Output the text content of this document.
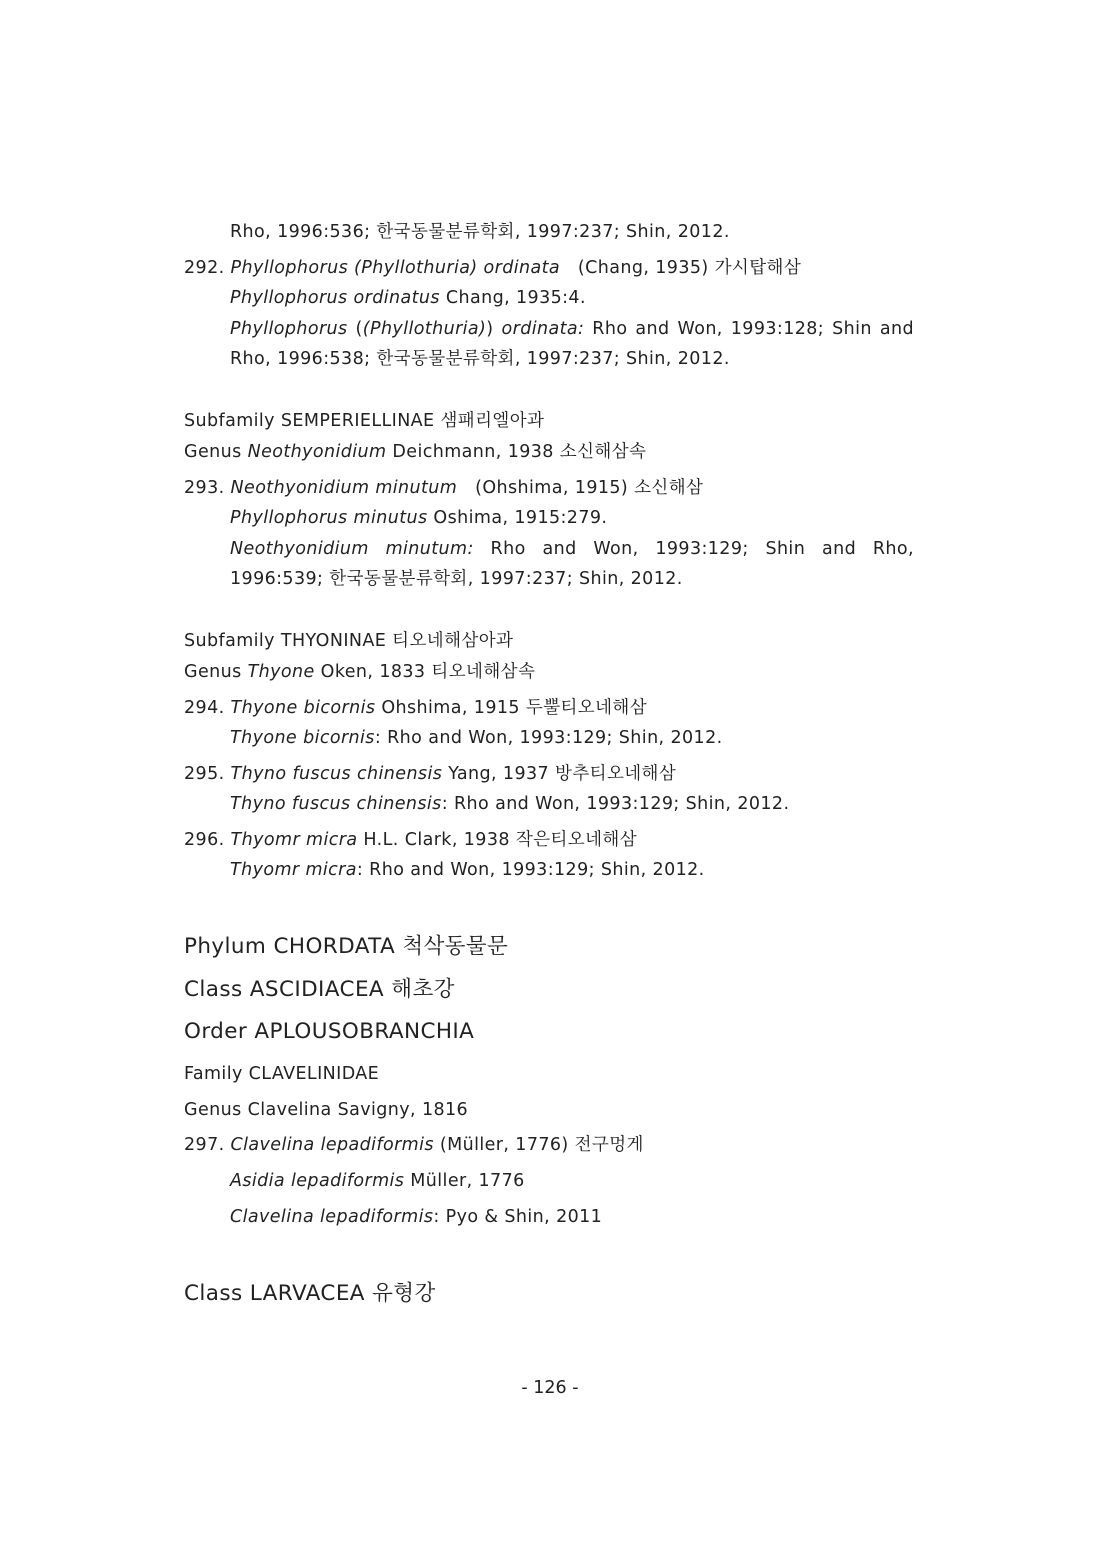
Rho, 1996:536; 한국동물분류학회, 1997:237; Shin, 2012.
292. Phyllophorus (Phyllothuria) ordinata (Chang, 1935) 가시탑해삼
Phyllophorus ordinatus Chang, 1935:4.
Phyllophorus ((Phyllothuria)) ordinata: Rho and Won, 1993:128; Shin and
Rho, 1996:538; 한국동물분류학회, 1997:237; Shin, 2012.
Subfamily SEMPERIELLINAE 샘패리엘아과
Genus Neothyonidium Deichmann, 1938 소신해삼속
293. Neothyonidium minutum (Ohshima, 1915) 소신해삼
Phyllophorus minutus Oshima, 1915:279.
Neothyonidium minutum: Rho and Won, 1993:129; Shin and Rho,
1996:539; 한국동물분류학회, 1997:237; Shin, 2012.
Subfamily THYONINAE 티오네해삼아과
Genus Thyone Oken, 1833 티오네해삼속
294. Thyone bicornis Ohshima, 1915 두뿔티오네해삼
Thyone bicornis: Rho and Won, 1993:129; Shin, 2012.
295. Thyno fuscus chinensis Yang, 1937 방추티오네해삼
Thyno fuscus chinensis: Rho and Won, 1993:129; Shin, 2012.
296. Thyomr micra H.L. Clark, 1938 작은티오네해삼
Thyomr micra: Rho and Won, 1993:129; Shin, 2012.
Phylum CHORDATA 척삭동물문
Class ASCIDIACEA 해초강
Order APLOUSOBRANCHIA
Family CLAVELINIDAE
Genus Clavelina Savigny, 1816
297. Clavelina lepadiformis (Müller, 1776) 전구멍게
Asidia lepadiformis Müller, 1776
Clavelina lepadiformis: Pyo & Shin, 2011
Class LARVACEA 유형강
- 126 -
